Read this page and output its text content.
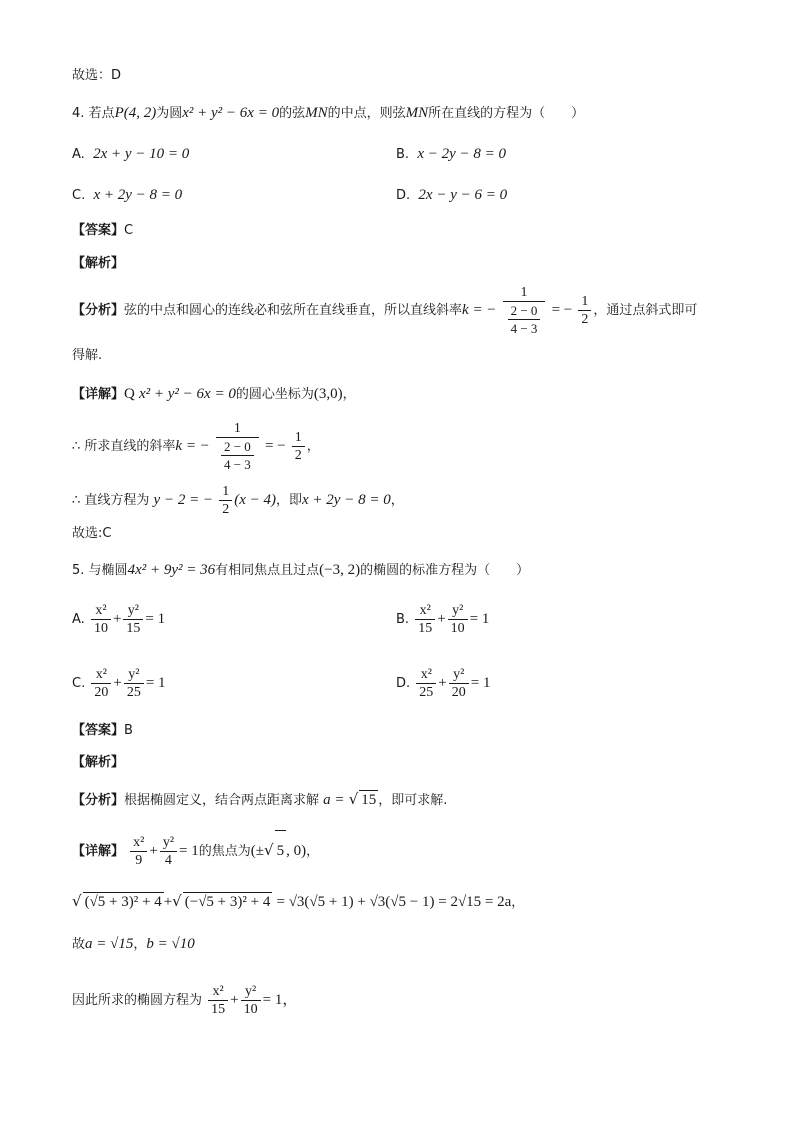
故选：D
4. 若点P(4, 2)为圆x² + y² − 6x = 0的弦MN的中点，则弦MN所在直线的方程为（　　）
A. 2x + y − 10 = 0	B. x − 2y − 8 = 0
C. x + 2y − 8 = 0	D. 2x − y − 6 = 0
【答案】C
【解析】
【分析】弦的中点和圆心的连线必和弦所在直线垂直，所以直线斜率k = − $\frac{1}{\frac{2 - 0}{4 - 3}}$ = − $\frac{1}{2}$ ，通过点斜式即可
得解.
【详解】Q x² + y² − 6x = 0的圆心坐标为(3,0)，
∴ 所求直线的斜率k = − $\frac{1}{\frac{2 - 0}{4 - 3}}$ = − $\frac{1}{2}$ ，
∴ 直线方程为 y − 2 = − $\frac{1}{2} (x - 4)$，即x + 2y − 8 = 0，
故选:C
5. 与椭圆4x² + 9y² = 36有相同焦点且过点(−3, 2)的椭圆的标准方程为（　　）
A. $\frac{\text{x²}}{10} + \frac{\text{y²}}{15} = 1$	B. $\frac{\text{x²}}{15} + \frac{\text{y²}}{10} = 1$
C. $\frac{\text{x²}}{20} + \frac{\text{y²}}{25} = 1$	D. $\frac{\text{x²}}{25} + \frac{\text{y²}}{20} = 1$
【答案】B
【解析】
【分析】根据椭圆定义，结合两点距离求解 a = √ 15 ，即可求解.
【详解】 $\frac{\text{x²}}{9} + \frac{\text{y²}}{4} = 1$的焦点为(±√ 5 , 0)，
√ (√5 + 3)² + 4 +√ (−√5 + 3)² + 4 = √3(√5 + 1) + √3(√5 − 1) = 2√15 = 2a，
故a = √15，b = √10
因此所求的椭圆方程为 $\frac{\text{x²}}{15} + \frac{\text{y²}}{10} = 1$，
